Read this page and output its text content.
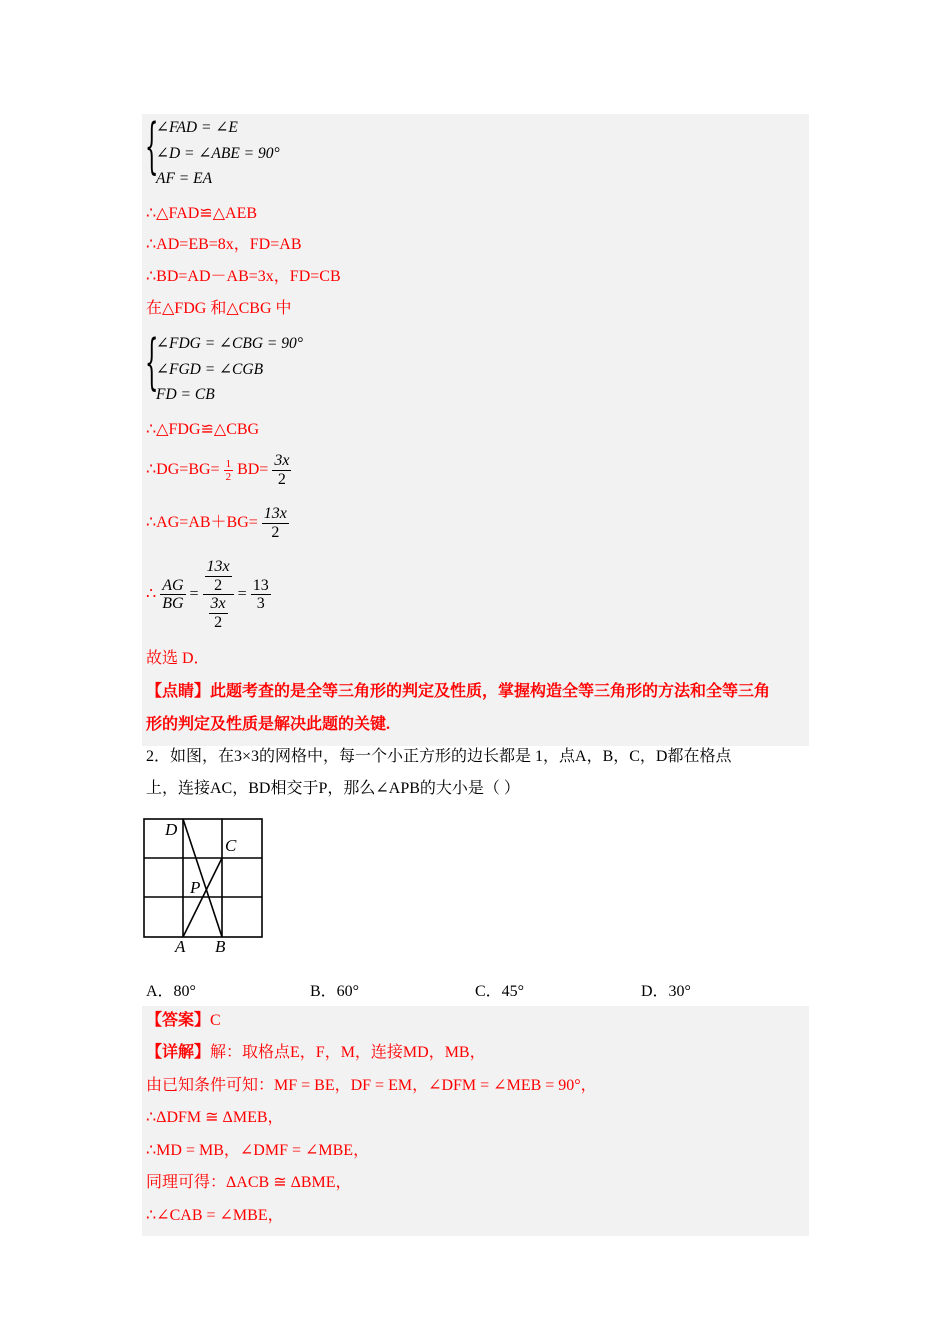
{
∠FAD = ∠E
∠D = ∠ABE = 90°
AF = EA
∴△FAD≌△AEB
∴AD=EB=8x，FD=AB
∴BD=AD－AB=3x，FD=CB
在△FDG 和△CBG 中
{
∠FDG = ∠CBG = 90°
∠FGD = ∠CGB
FD = CB
∴△FDG≌△CBG
∴DG=BG= $\frac{1}{2} BD= \frac{3x}{2}$
∴AG=AB＋BG= $\frac{13x}{2}$
∴ $\frac{AG}{BG} = \frac{\frac{13x}{2}}{\frac{3x}{2}} = \frac{13}{3}$
故选 D．
【点睛】此题考查的是全等三角形的判定及性质，掌握构造全等三角形的方法和全等三角
形的判定及性质是解决此题的关键.
2．如图，在3×3的网格中，每一个小正方形的边长都是 1，点A，B，C，D都在格点
上，连接AC，BD相交于P，那么∠APB的大小是（ ）
D
C
P
A B
A．80°	B．60°	C．45°	D．30°
【答案】C
【详解】解：取格点E，F，M，连接MD，MB，
由已知条件可知：MF = BE，DF = EM，∠DFM = ∠MEB = 90°，
∴ΔDFM ≅ ΔMEB，
∴MD = MB，∠DMF = ∠MBE，
同理可得：ΔACB ≅ ΔBME，
∴∠CAB = ∠MBE，
